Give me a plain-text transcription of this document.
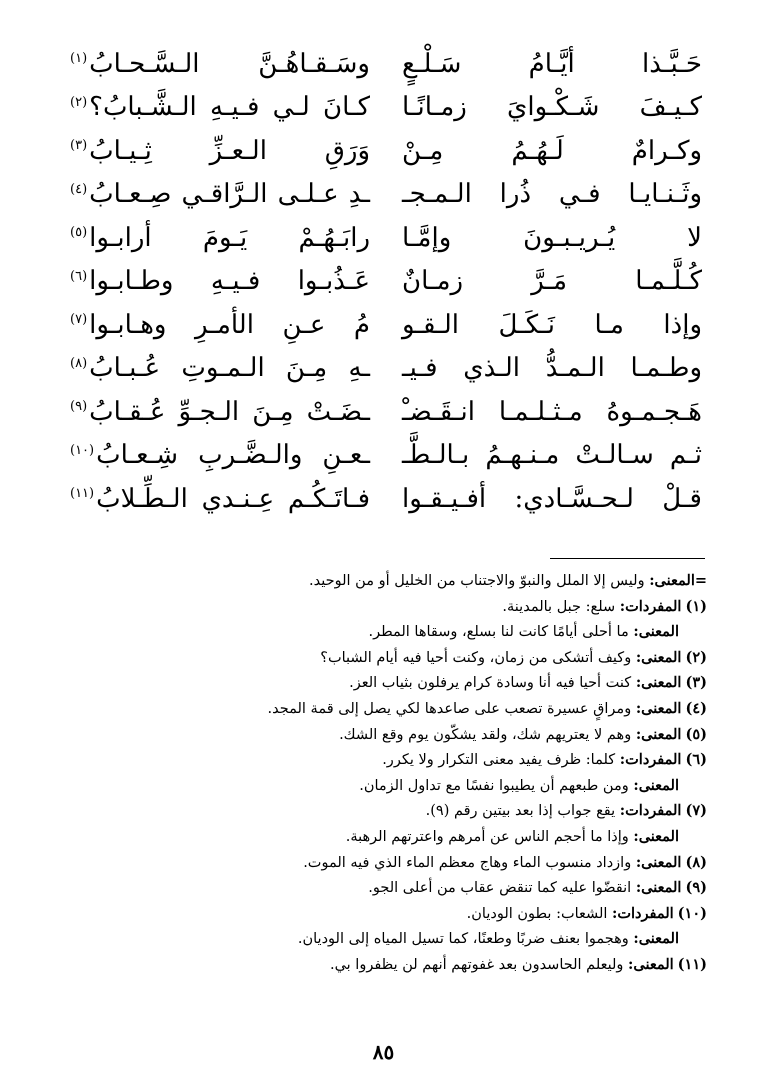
حَـبَّـذا أيَّـامُ سَـلْـعٍ
وسَـقـاهُـنَّ الـسَّـحـابُ$^{(١)}$
كـيـفَ شَـكْـوايَ زمـانًـا
كـانَ لـي فـيـهِ الـشَّـبابُ؟$^{(٢)}$
وكـرامٌ لَـهُـمُ مِـنْ
وَرَقِ الـعـزِّ ثِـيـابُ$^{(٣)}$
وثَـنـايـا فـي ذُرا الـمـجـ
ـدِ عـلـى الـرَّاقـي صِـعـابُ$^{(٤)}$
لا يُـريـبـونَ وإمَّـا
رابَـهُـمْ يَـومَ أرابـوا$^{(٥)}$
كُـلَّـمـا مَـرَّ زمـانٌ
عَـذُبـوا فـيـهِ وطـابـوا$^{(٦)}$
وإذا مـا نَـكَـلَ الـقـو
مُ عـنِ الأمـرِ وهـابـوا$^{(٧)}$
وطـمـا الـمـدُّ الـذي فـيـ
ـهِ مِـنَ الـمـوتِ عُـبـابُ$^{(٨)}$
هَـجـمـوهُ مـثـلـمـا انـقَـضـْ
ـضَـتْ مِـنَ الـجـوِّ عُـقـابُ$^{(٩)}$
ثـم سـالـتْ مـنـهـمُ بـالـطَّـ
ـعـنِ والـضَّـربِ شِـعـابُ$^{(١٠)}$
قـلْ لـحـسَّـادي: أفـيـقـوا
فـاتَـكُـم عِـنـدي الـطِّـلابُ$^{(١١)}$
=المعنى: وليس إلا الملل والنبوّ والاجتناب من الخليل أو من الوحيد.
(١)المفردات: سلع: جبل بالمدينة.
المعنى: ما أحلى أيامًا كانت لنا بسلع، وسقاها المطر.
(٢)المعنى: وكيف أتشكى من زمان، وكنت أحيا فيه أيام الشباب؟
(٣)المعنى: كنت أحيا فيه أنا وسادة كرام يرفلون بثياب العز.
(٤)المعنى: ومراقٍ عسيرة تصعب على صاعدها لكي يصل إلى قمة المجد.
(٥)المعنى: وهم لا يعتريهم شك، ولقد يشكّون يوم وقع الشك.
(٦)المفردات: كلما: ظرف يفيد معنى التكرار ولا يكرر.
المعنى: ومن طبعهم أن يطيبوا نفسًا مع تداول الزمان.
(٧)المفردات: يقع جواب إذا بعد بيتين رقم (٩).
المعنى: وإذا ما أحجم الناس عن أمرهم واعترتهم الرهبة.
(٨)المعنى: وازداد منسوب الماء وهاج معظم الماء الذي فيه الموت.
(٩)المعنى: انقضّوا عليه كما تنقض عقاب من أعلى الجو.
(١٠)المفردات: الشعاب: بطون الوديان.
المعنى: وهجموا بعنف ضربًا وطعنًا، كما تسيل المياه إلى الوديان.
(١١)المعنى: وليعلم الحاسدون بعد غفوتهم أنهم لن يظفروا بي.
٨٥
